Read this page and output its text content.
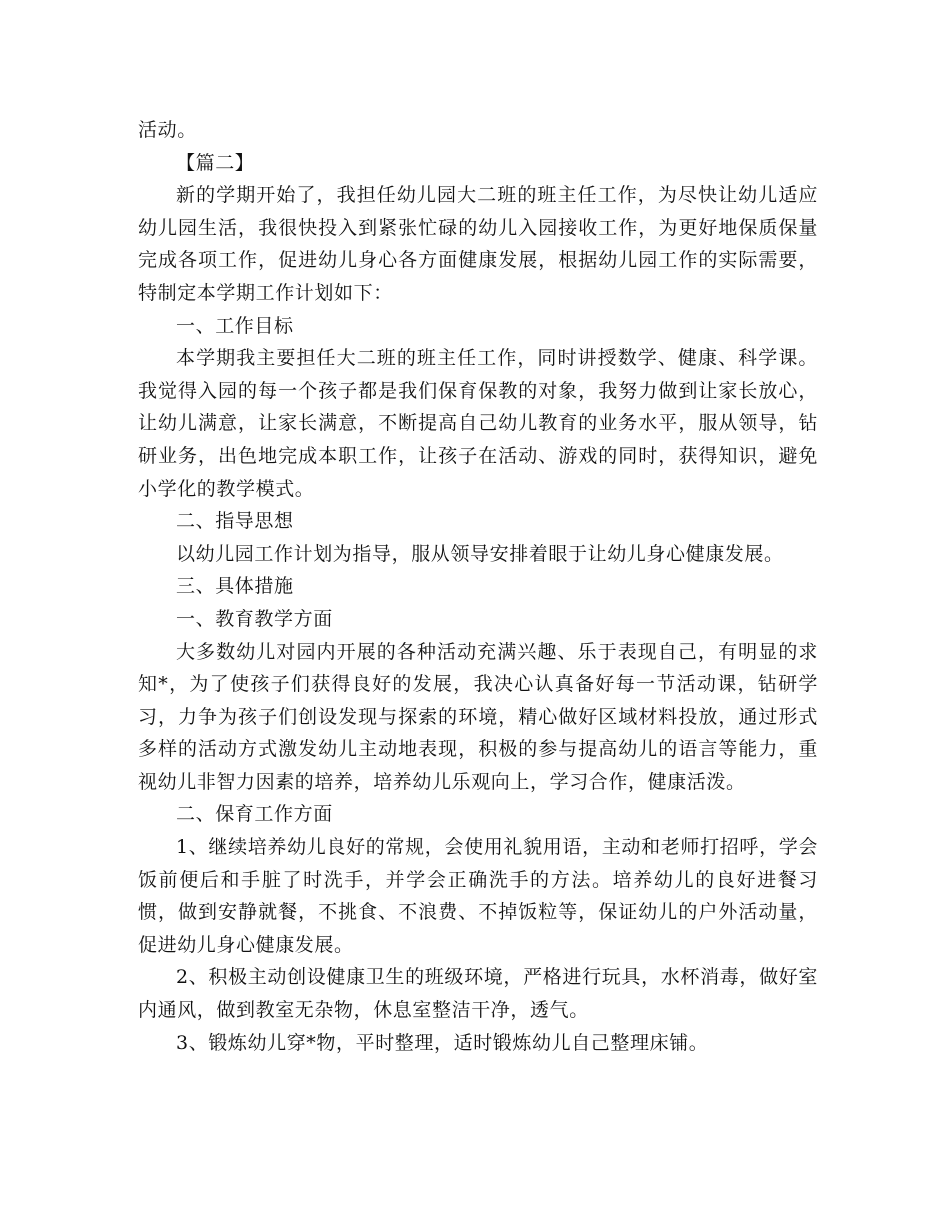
活动。

【篇二】

新的学期开始了，我担任幼儿园大二班的班主任工作，为尽快让幼儿适应幼儿园生活，我很快投入到紧张忙碌的幼儿入园接收工作，为更好地保质保量完成各项工作，促进幼儿身心各方面健康发展，根据幼儿园工作的实际需要，特制定本学期工作计划如下：

一、工作目标

本学期我主要担任大二班的班主任工作，同时讲授数学、健康、科学课。我觉得入园的每一个孩子都是我们保育保教的对象，我努力做到让家长放心，让幼儿满意，让家长满意，不断提高自己幼儿教育的业务水平，服从领导，钻研业务，出色地完成本职工作，让孩子在活动、游戏的同时，获得知识，避免小学化的教学模式。

二、指导思想

以幼儿园工作计划为指导，服从领导安排着眼于让幼儿身心健康发展。

三、具体措施

一、教育教学方面

大多数幼儿对园内开展的各种活动充满兴趣、乐于表现自己，有明显的求知*，为了使孩子们获得良好的发展，我决心认真备好每一节活动课，钻研学习，力争为孩子们创设发现与探索的环境，精心做好区域材料投放，通过形式多样的活动方式激发幼儿主动地表现，积极的参与提高幼儿的语言等能力，重视幼儿非智力因素的培养，培养幼儿乐观向上，学习合作，健康活泼。

二、保育工作方面

1、继续培养幼儿良好的常规，会使用礼貌用语，主动和老师打招呼，学会饭前便后和手脏了时洗手，并学会正确洗手的方法。培养幼儿的良好进餐习惯，做到安静就餐，不挑食、不浪费、不掉饭粒等，保证幼儿的户外活动量，促进幼儿身心健康发展。

2、积极主动创设健康卫生的班级环境，严格进行玩具，水杯消毒，做好室内通风，做到教室无杂物，休息室整洁干净，透气。

3、锻炼幼儿穿*物，平时整理，适时锻炼幼儿自己整理床铺。
